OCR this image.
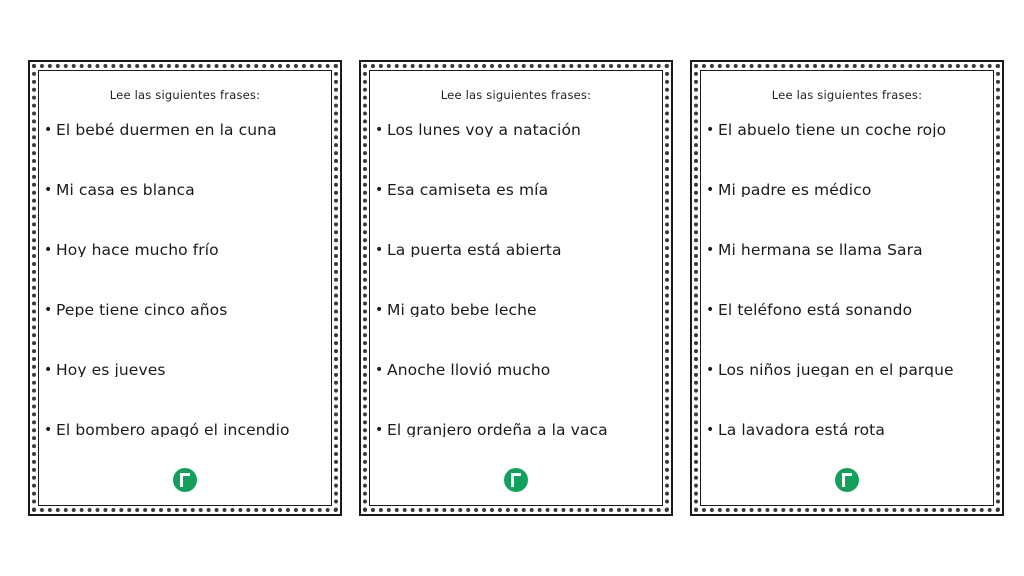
Lee las siguientes frases:
• El bebé duermen en la cuna
• Mi casa es blanca
• Hoy hace mucho frío
• Pepe tiene cinco años
• Hoy es jueves
• El bombero apagó el incendio
Lee las siguientes frases:
• Los lunes voy a natación
• Esa camiseta es mía
• La puerta está abierta
• Mi gato bebe leche
• Anoche llovió mucho
• El granjero ordeña a la vaca
Lee las siguientes frases:
• El abuelo tiene un coche rojo
• Mi padre es médico
• Mi hermana se llama Sara
• El teléfono está sonando
• Los niños juegan en el parque
• La lavadora está rota
